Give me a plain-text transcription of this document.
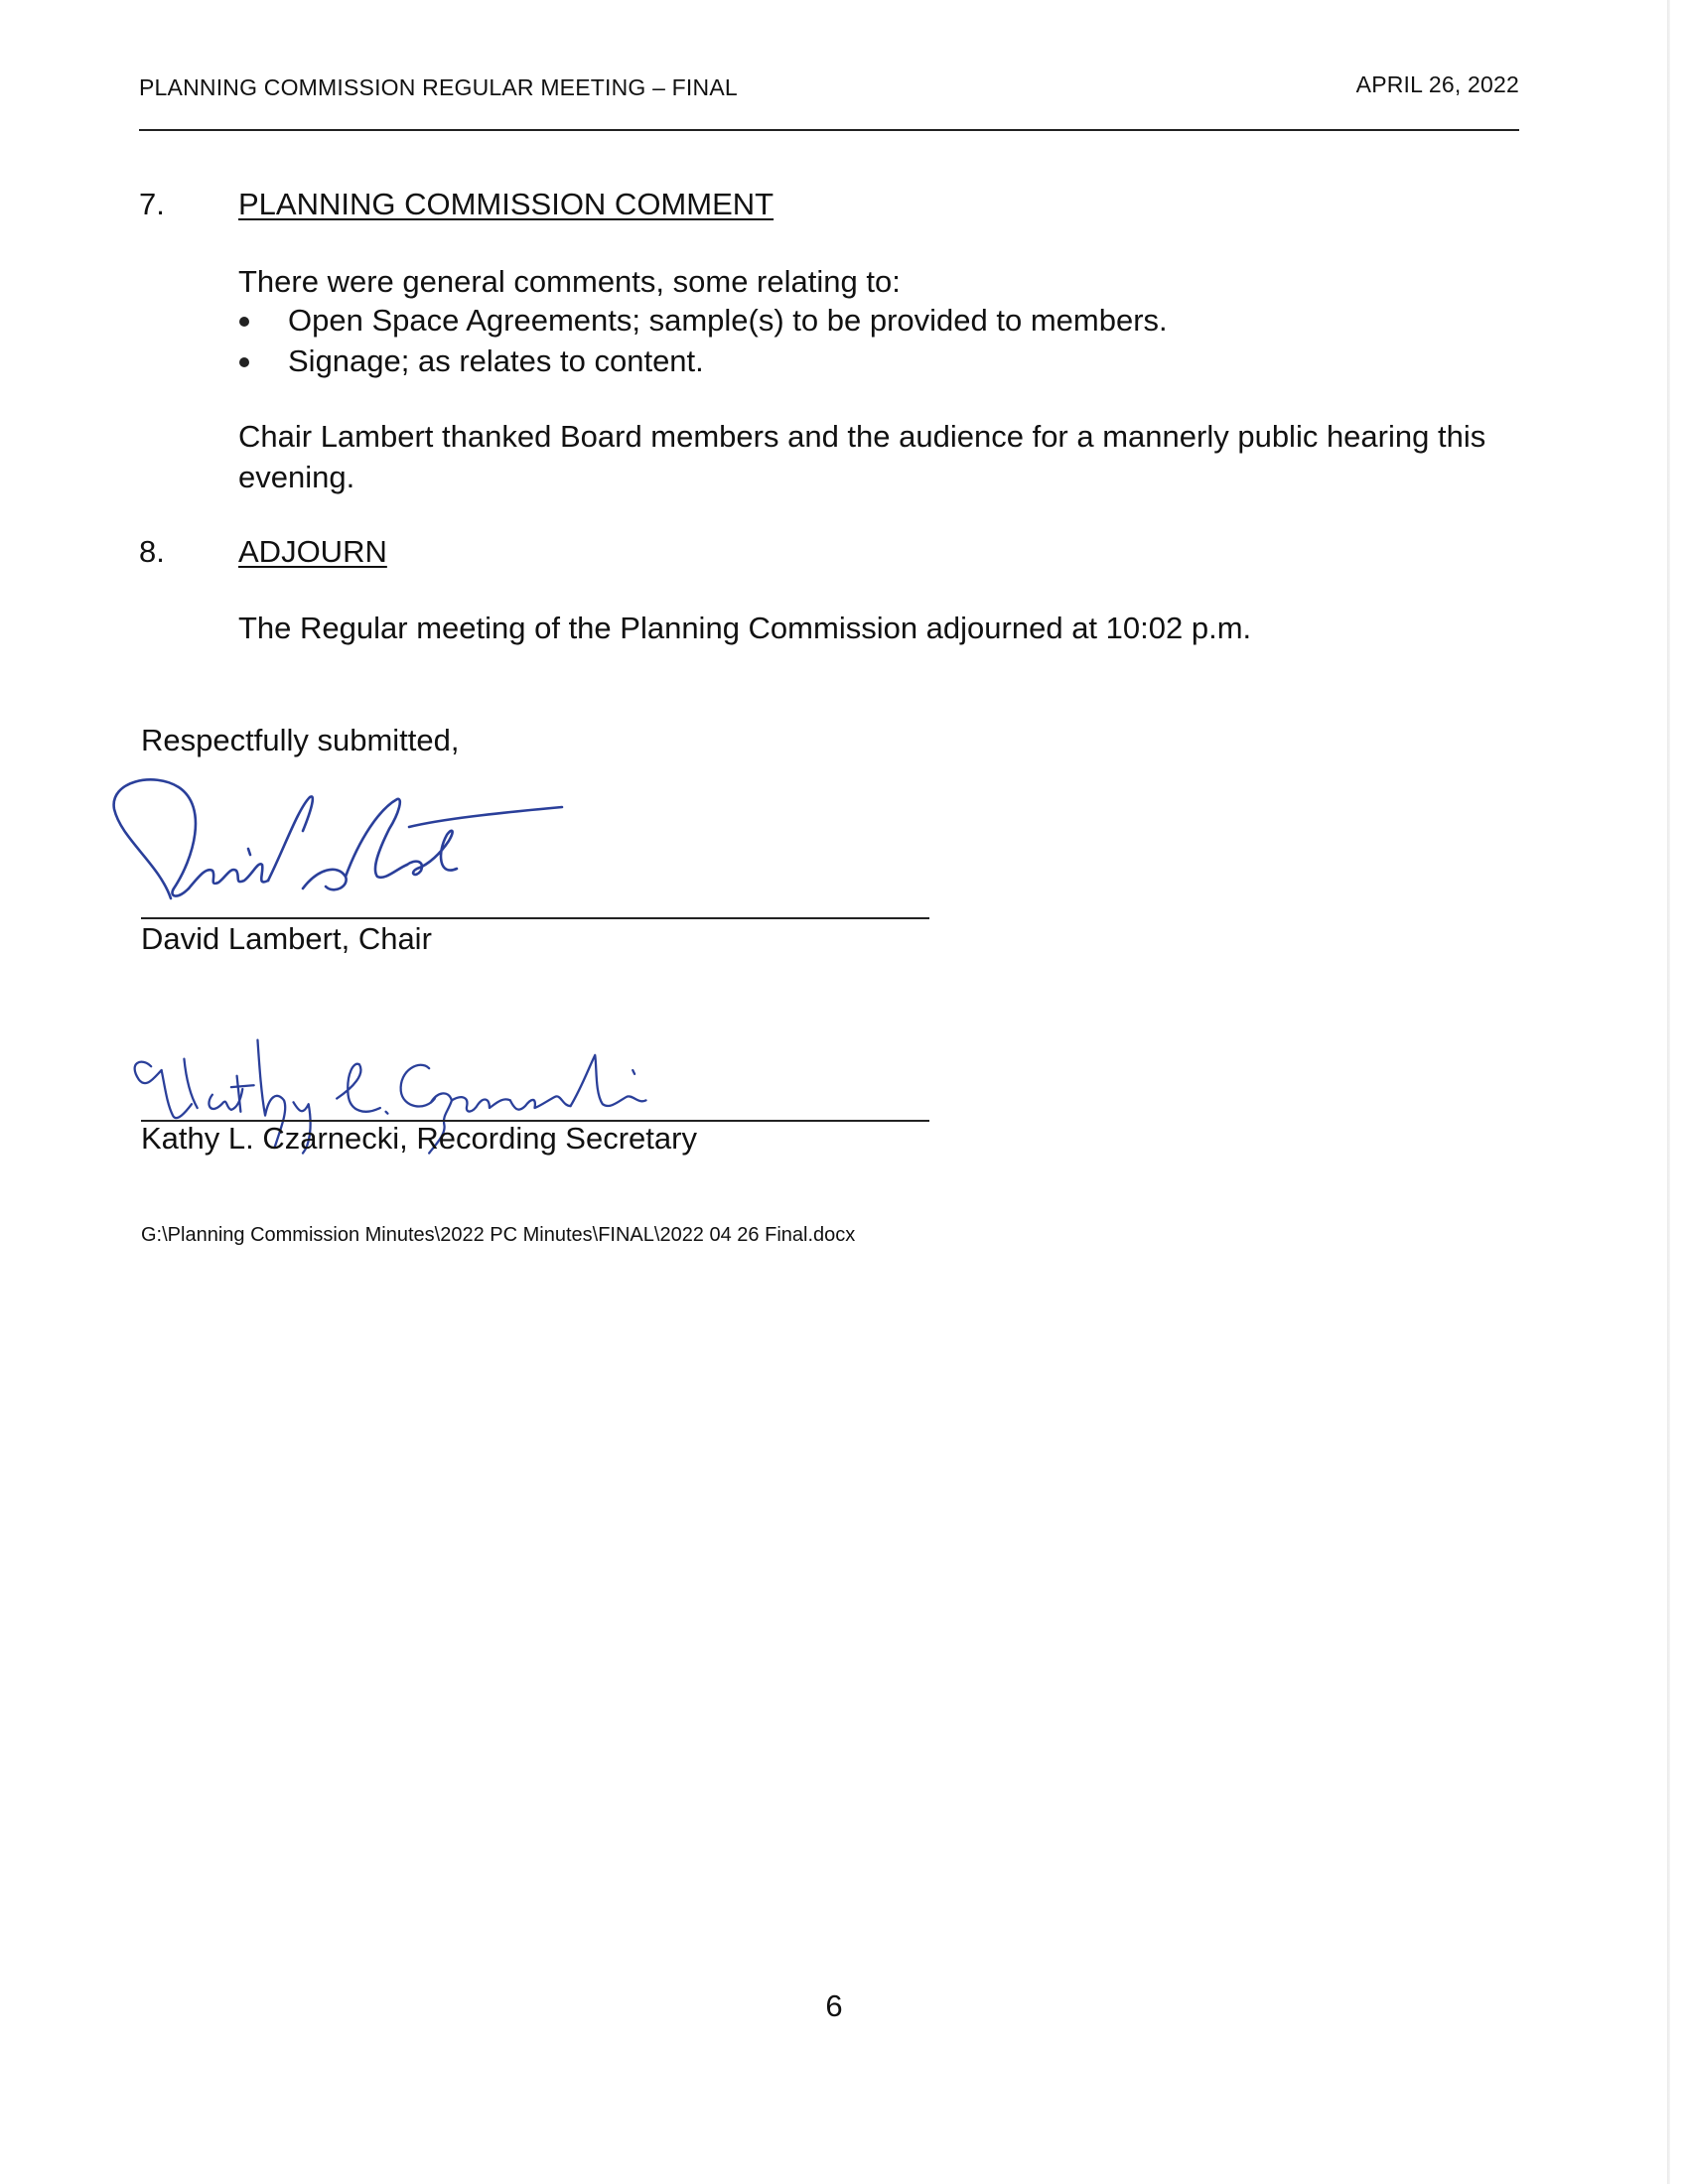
PLANNING COMMISSION REGULAR MEETING – FINAL	APRIL 26, 2022
7. PLANNING COMMISSION COMMENT
There were general comments, some relating to:
Open Space Agreements; sample(s) to be provided to members.
Signage; as relates to content.
Chair Lambert thanked Board members and the audience for a mannerly public hearing this evening.
8. ADJOURN
The Regular meeting of the Planning Commission adjourned at 10:02 p.m.
Respectfully submitted,
David Lambert, Chair
Kathy L. Czarnecki, Recording Secretary
G:\Planning Commission Minutes\2022 PC Minutes\FINAL\2022 04 26 Final.docx
6
